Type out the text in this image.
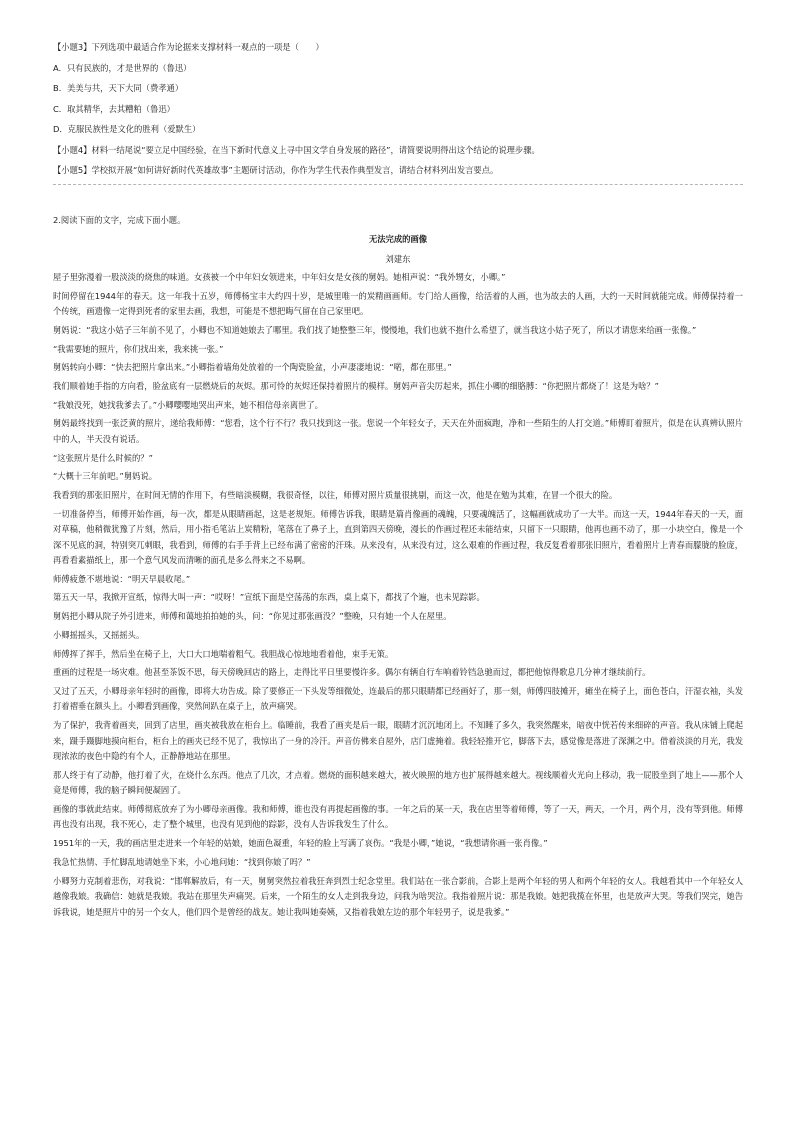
【小题3】下列选项中最适合作为论据来支撑材料一观点的一项是（　　）

A．只有民族的，才是世界的（鲁迅）

B．美美与共，天下大同（费孝通）

C．取其精华，去其糟粕（鲁迅）

D．克服民族性是文化的胜利（爱默生）

【小题4】材料一结尾说“要立足中国经验，在当下新时代意义上寻中国文学自身发展的路径”，请简要说明得出这个结论的说理步骤。

【小题5】学校拟开展“如何讲好新时代英雄故事”主题研讨活动，你作为学生代表作典型发言，请结合材料列出发言要点。

2.阅读下面的文字，完成下面小题。

无法完成的画像

刘建东

屋子里弥漫着一股淡淡的烧焦的味道。女孩被一个中年妇女领进来，中年妇女是女孩的舅妈。她相声说：“我外甥女，小卿。”

时间停留在1944年的春天。这一年我十五岁，师傅杨宝丰大约四十岁，是城里唯一的炭精画画师。专门给人画像，给活着的人画，也为故去的人画，大约一天时间就能完成。师傅保持着一个传统，画遗像一定得到死者的家里去画，我想，可能是不想把晦气留在自己家里吧。

舅妈说：“我这小姑子三年前不见了，小卿也不知道她娘去了哪里。我们找了她整整三年，慢慢地，我们也就不抱什么希望了，就当我这小姑子死了，所以才请您来给画一张像。”

“我需要她的照片，你们找出来，我来挑一张。”

舅妈转向小卿：“快去把照片拿出来。”小卿指着墙角处放着的一个陶瓷脸盆，小声凄凄地说：“喏，都在那里。”

我们顺着她手指的方向看，脸盆底有一层燃烧后的灰烬。那可怜的灰烬还保持着照片的模样。舅妈声音尖厉起来，抓住小卿的细胳膊：“你把照片都烧了！这是为啥？”

“我娘没死，她找我爹去了。”小卿嘤嘤地哭出声来，她不相信母亲离世了。

舅妈最终找到一张泛黄的照片，递给我师傅：“您看，这个行不行？我只找到这一张。您说一个年轻女子，天天在外面疯跑，净和一些陌生的人打交道。”师傅盯着照片，似是在认真辨认照片中的人，半天没有说话。

“这张照片是什么时候的？”

“大概十三年前吧。”舅妈说。

我看到的那张旧照片，在时间无情的作用下，有些暗淡模糊，我很奇怪，以往，师傅对照片质量很挑剔，而这一次，他是在勉为其难，在冒一个很大的险。

一切准备停当，师傅开始作画，每一次，都是从眼睛画起，这是老规矩。师傅告诉我，眼睛是篇肖像画的魂魄，只要魂魄活了，这幅画就成功了一大半。而这一天，1944年春天的一天，面对草稿，他稍微犹豫了片刻，然后，用小指毛笔沾上炭精粉，笔落在了鼻子上，直到第四天傍晚，漫长的作画过程还未能结束，只留下一只眼睛，他再也画不动了，那一小块空白，像是一个深不见底的洞，特别突兀刺眼，我看到，师傅的右手手背上已经布满了密密的汗珠。从来没有，从来没有过，这么艰难的作画过程，我反复看着那张旧照片，看着照片上青春而朦胧的脸庞，再看看素描纸上，那一个意气风发而清晰的面孔是多么得来之不易啊。

师傅疲惫不堪地说：“明天早晨收尾。”

第五天一早，我掀开宣纸，惊得大叫一声：“哎呀！”宣纸下面是空荡荡的东西，桌上桌下，都找了个遍，也未见踪影。

舅妈把小卿从院子外引进来，师傅和蔼地拍拍她的头，问：“你见过那张画没？”整晚，只有她一个人在屋里。

小卿摇摇头，又摇摇头。

师傅挥了挥手，然后坐在椅子上，大口大口地喘着粗气。我胆战心惊地地看着他，束手无策。

重画的过程是一场灾难。他甚至茶饭不思，每天傍晚回店的路上，走得比平日里要慢许多。偶尔有辆自行车响着铃铛急驰而过，都把他惊得歌息几分神才继续前行。

又过了五天，小卿母亲年轻时的画像，即将大功告成。除了要修正一下头发等细微处，连最后的那只眼睛都已经画好了，那一刻，师傅四肢摊开，瘫坐在椅子上，面色苍白，汗湿衣袖，头发打着褶垂在额头上。小卿看到画像，突然间趴在桌子上，放声痛哭。

为了保护，我背着画夹，回到了店里，画夹被我放在柜台上。临睡前，我看了画夹是后一眼，眼睛才沉沉地闭上。不知睡了多久，我突然醒来，暗夜中恍若传来细碎的声音。我从床铺上爬起来，蹑手蹑脚地摸向柜台，柜台上的画夹已经不见了，我惊出了一身的冷汗。声音仿佛来自屋外，店门虚掩着。我轻轻推开它，脚落下去，感觉像是落进了深渊之中。借着淡淡的月光，我发现浓浓的夜色中隐约有个人，正静静地站在那里。

那人终于有了动静，他打着了火，在烧什么东西。他点了几次，才点着。燃烧的面积越来越大，被火映照的地方也扩展得越来越大。视线顺着火光向上移动，我一屁股坐到了地上——那个人竟是师傅，我的脑子瞬间便凝固了。

画像的事就此结束。师傅彻底放弃了为小卿母亲画像。我和师傅，谁也没有再提起画像的事。一年之后的某一天，我在店里等着师傅，等了一天，两天，一个月，两个月，没有等到他。师傅再也没有出现，我不死心，走了整个城里，也没有见到他的踪影，没有人告诉我发生了什么。

1951年的一天，我的画店里走进来一个年轻的姑娘，她面色凝重，年轻的脸上写满了哀伤。“我是小卿，”她说，“我想请你画一张肖像。”

我急忙热情、手忙脚乱地请她坐下来，小心地问她：“找到你娘了吗？”

小卿努力克制着悲伤，对我说：“邯郸解放后，有一天，舅舅突然拉着我狂奔到烈士纪念堂里。我们站在一张合影前，合影上是两个年轻的男人和两个年轻的女人。我越看其中一个年轻女人越像我娘。我确信：她就是我娘。我站在那里失声痛哭。后来，一个陌生的女人走到我身边，问我为啥哭泣。我指着照片说：那是我娘。她把我揽在怀里，也是放声大哭。等我们哭完，她告诉我说，她是照片中的另一个女人，他们四个是曾经的战友。她让我叫她奏姨，又指着我娘左边的那个年轻男子，说是我爹。”
